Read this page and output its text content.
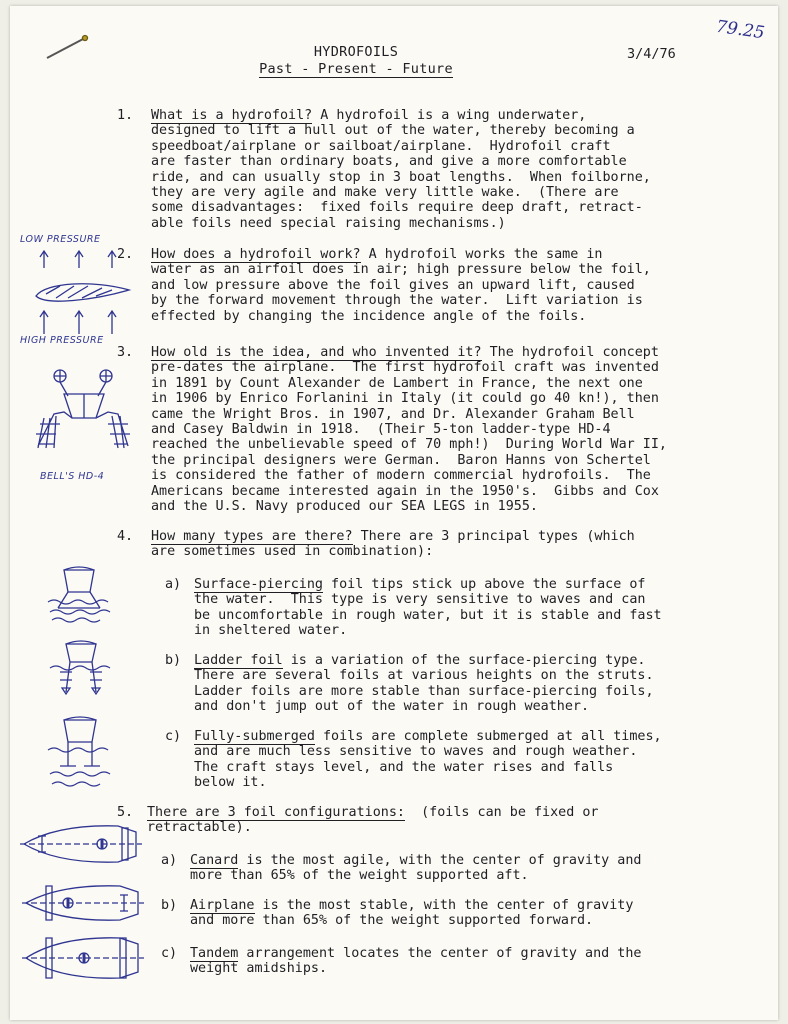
79.25
HYDROFOILS
Past - Present - Future
3/4/76
1. What is a hydrofoil? A hydrofoil is a wing underwater,
designed to lift a hull out of the water, thereby becoming a
speedboat/airplane or sailboat/airplane.  Hydrofoil craft
are faster than ordinary boats, and give a more comfortable
ride, and can usually stop in 3 boat lengths.  When foilborne,
they are very agile and make very little wake.  (There are
some disadvantages:  fixed foils require deep draft, retract-
able foils need special raising mechanisms.)
LOW PRESSURE
HIGH PRESSURE
2. How does a hydrofoil work? A hydrofoil works the same in
water as an airfoil does in air; high pressure below the foil,
and low pressure above the foil gives an upward lift, caused
by the forward movement through the water.  Lift variation is
effected by changing the incidence angle of the foils.
BELL'S HD-4
3. How old is the idea, and who invented it? The hydrofoil concept
pre-dates the airplane.  The first hydrofoil craft was invented
in 1891 by Count Alexander de Lambert in France, the next one
in 1906 by Enrico Forlanini in Italy (it could go 40 kn!), then
came the Wright Bros. in 1907, and Dr. Alexander Graham Bell
and Casey Baldwin in 1918.  (Their 5-ton ladder-type HD-4
reached the unbelievable speed of 70 mph!)  During World War II,
the principal designers were German.  Baron Hanns von Schertel
is considered the father of modern commercial hydrofoils.  The
Americans became interested again in the 1950's.  Gibbs and Cox
and the U.S. Navy produced our SEA LEGS in 1955.
4. How many types are there? There are 3 principal types (which
are sometimes used in combination):
a) Surface-piercing foil tips stick up above the surface of
the water.  This type is very sensitive to waves and can
be uncomfortable in rough water, but it is stable and fast
in sheltered water.
b) Ladder foil is a variation of the surface-piercing type.
There are several foils at various heights on the struts.
Ladder foils are more stable than surface-piercing foils,
and don't jump out of the water in rough weather.
c) Fully-submerged foils are complete submerged at all times,
and are much less sensitive to waves and rough weather.
The craft stays level, and the water rises and falls
below it.
5. There are 3 foil configurations:  (foils can be fixed or
retractable).
a) Canard is the most agile, with the center of gravity and
more than 65% of the weight supported aft.
b) Airplane is the most stable, with the center of gravity
and more than 65% of the weight supported forward.
c) Tandem arrangement locates the center of gravity and the
weight amidships.
